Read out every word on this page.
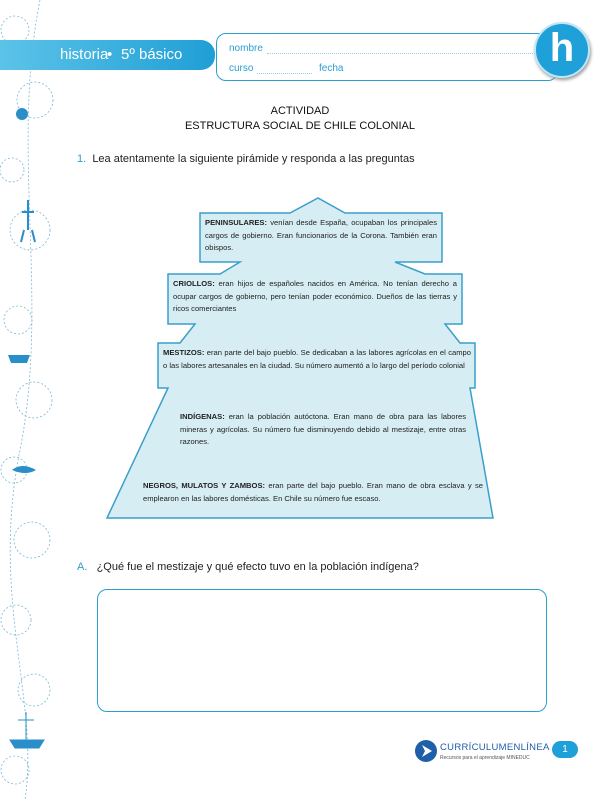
historia
• 5º básico	nombre
curso	fecha	h
ACTIVIDAD
ESTRUCTURA SOCIAL DE CHILE COLONIAL
1. Lea atentamente la siguiente pirámide y responda a las preguntas
PENINSULARES: venían desde España, ocupaban los principales cargos de gobierno. Eran funcionarios de la Corona. También eran obispos.
CRIOLLOS: eran hijos de españoles nacidos en América. No tenían derecho a ocupar cargos de gobierno, pero tenían poder económico. Dueños de las tierras y ricos comerciantes
MESTIZOS: eran parte del bajo pueblo. Se dedicaban a las labores agrícolas en el campo o las labores artesanales en la ciudad. Su número aumentó a lo largo del período colonial
INDÍGENAS: eran la población autóctona. Eran mano de obra para las labores mineras y agrícolas. Su número fue disminuyendo debido al mestizaje, entre otras razones.
NEGROS, MULATOS Y ZAMBOS: eran parte del bajo pueblo. Eran mano de obra esclava y se emplearon en las labores domésticas. En Chile su número fue escaso.
A. ¿Qué fue el mestizaje y qué efecto tuvo en la población indígena?
CURRÍCULUMENLÍNEA
Recursos para el aprendizaje MINEDUC
1
